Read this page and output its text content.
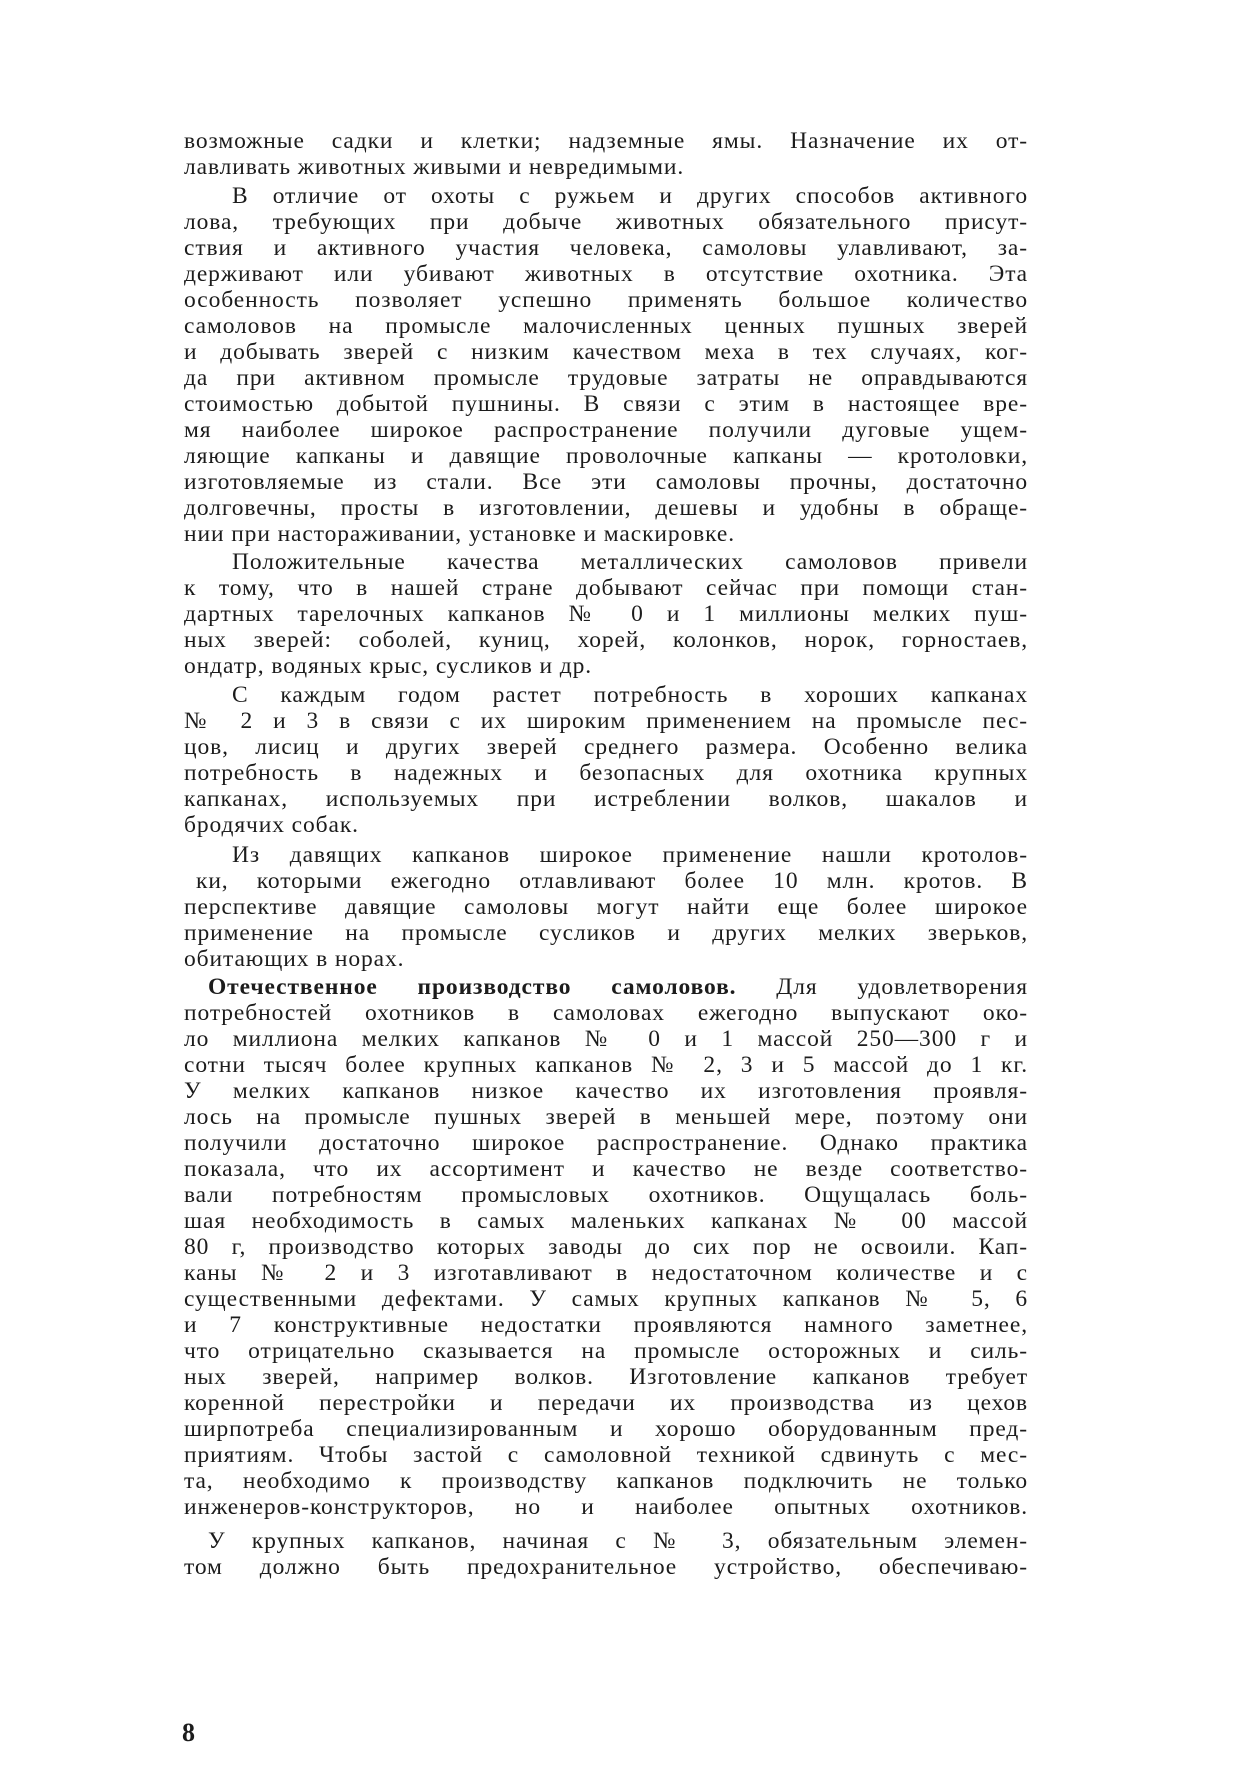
возможные садки и клетки; надземные ямы. Назначение их от-
лавливать животных живыми и невредимыми.
В отличие от охоты с ружьем и других способов активного
лова, требующих при добыче животных обязательного присут-
ствия и активного участия человека, самоловы улавливают, за-
держивают или убивают животных в отсутствие охотника. Эта
особенность позволяет успешно применять большое количество
самоловов на промысле малочисленных ценных пушных зверей
и добывать зверей с низким качеством меха в тех случаях, ког-
да при активном промысле трудовые затраты не оправдываются
стоимостью добытой пушнины. В связи с этим в настоящее вре-
мя наиболее широкое распространение получили дуговые ущем-
ляющие капканы и давящие проволочные капканы — кротоловки,
изготовляемые из стали. Все эти самоловы прочны, достаточно
долговечны, просты в изготовлении, дешевы и удобны в обраще-
нии при настораживании, установке и маскировке.
Положительные качества металлических самоловов привели
к тому, что в нашей стране добывают сейчас при помощи стан-
дартных тарелочных капканов № 0 и 1 миллионы мелких пуш-
ных зверей: соболей, куниц, хорей, колонков, норок, горностаев,
ондатр, водяных крыс, сусликов и др.
С каждым годом растет потребность в хороших капканах
№ 2 и 3 в связи с их широким применением на промысле пес-
цов, лисиц и других зверей среднего размера. Особенно велика
потребность в надежных и безопасных для охотника крупных
капканах, используемых при истреблении волков, шакалов и
бродячих собак.
Из давящих капканов широкое применение нашли кротолов-
ки, которыми ежегодно отлавливают более 10 млн. кротов. В
перспективе давящие самоловы могут найти еще более широкое
применение на промысле сусликов и других мелких зверьков,
обитающих в норах.
Отечественное производство самоловов. Для удовлетворения
потребностей охотников в самоловах ежегодно выпускают око-
ло миллиона мелких капканов № 0 и 1 массой 250—300 г и
сотни тысяч более крупных капканов № 2, 3 и 5 массой до 1 кг.
У мелких капканов низкое качество их изготовления проявля-
лось на промысле пушных зверей в меньшей мере, поэтому они
получили достаточно широкое распространение. Однако практика
показала, что их ассортимент и качество не везде соответство-
вали потребностям промысловых охотников. Ощущалась боль-
шая необходимость в самых маленьких капканах № 00 массой
80 г, производство которых заводы до сих пор не освоили. Кап-
каны № 2 и 3 изготавливают в недостаточном количестве и с
существенными дефектами. У самых крупных капканов № 5, 6
и 7 конструктивные недостатки проявляются намного заметнее,
что отрицательно сказывается на промысле осторожных и силь-
ных зверей, например волков. Изготовление капканов требует
коренной перестройки и передачи их производства из цехов
ширпотреба специализированным и хорошо оборудованным пред-
приятиям. Чтобы застой с самоловной техникой сдвинуть с мес-
та, необходимо к производству капканов подключить не только
инженеров-конструкторов, но и наиболее опытных охотников.
У крупных капканов, начиная с № 3, обязательным элемен-
том должно быть предохранительное устройство, обеспечиваю-
8
